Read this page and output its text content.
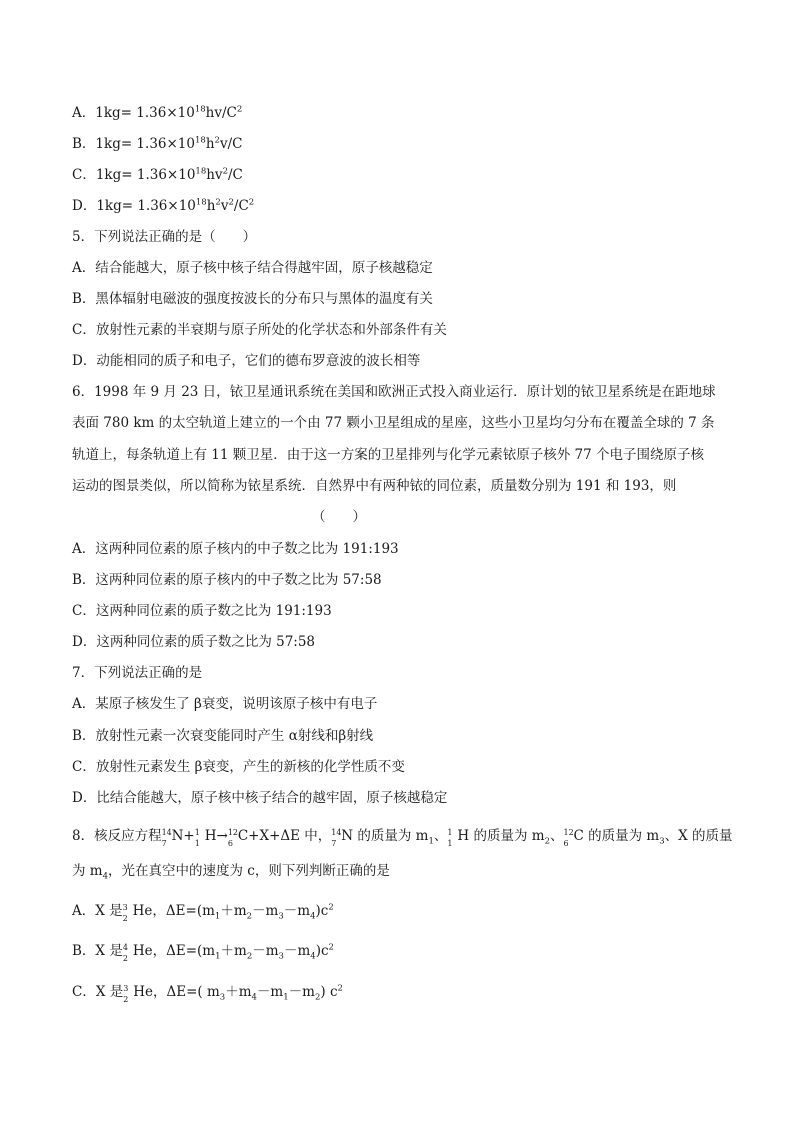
A．$1kg= 1.36\times 10^{18}hv/C^2$
B．$1kg= 1.36\times 10^{18}h^2v/C$
C．$1kg= 1.36\times 10^{18}hv^2/C$
D．$1kg= 1.36\times 10^{18}h^2v^2/C^2$
5．下列说法正确的是（　　）
A．结合能越大，原子核中核子结合得越牢固，原子核越稳定
B．黑体辐射电磁波的强度按波长的分布只与黑体的温度有关
C．放射性元素的半衰期与原子所处的化学状态和外部条件有关
D．动能相同的质子和电子，它们的德布罗意波的波长相等
6．1998 年 9 月 23 日，铱卫星通讯系统在美国和欧洲正式投入商业运行．原计划的铱卫星系统是在距地球
表面 780 km 的太空轨道上建立的一个由 77 颗小卫星组成的星座，这些小卫星均匀分布在覆盖全球的 7 条
轨道上，每条轨道上有 11 颗卫星．由于这一方案的卫星排列与化学元素铱原子核外 77 个电子围绕原子核
运动的图景类似，所以简称为铱星系统．自然界中有两种铱的同位素，质量数分别为 191 和 193，则
（　　）
A．这两种同位素的原子核内的中子数之比为 191:193
B．这两种同位素的原子核内的中子数之比为 57:58
C．这两种同位素的质子数之比为 191:193
D．这两种同位素的质子数之比为 57:58
7．下列说法正确的是
A．某原子核发生了 β衰变，说明该原子核中有电子
B．放射性元素一次衰变能同时产生 α射线和β射线
C．放射性元素发生 β衰变，产生的新核的化学性质不变
D．比结合能越大，原子核中核子结合的越牢固，原子核越稳定
8．核反应方程 14
7 N+ 1
1 H→ 12
6 C+X+ΔE 中， 14
7 N 的质量为 $m_1$、 1
1 H 的质量为 $m_2$、 12
6 C 的质量为 $m_3$、X 的质量
为 $m_4$，光在真空中的速度为 c，则下列判断正确的是
A．X 是 3
2 He，$\Delta E=(m_1+m_2-m_3-m_4)c^2$
B．X 是 4
2 He，$\Delta E=(m_1+m_2-m_3-m_4)c^2$
C．X 是 3
2 He，ΔE=( $m_3+m_4-m_1-m_2$) $c^2$
